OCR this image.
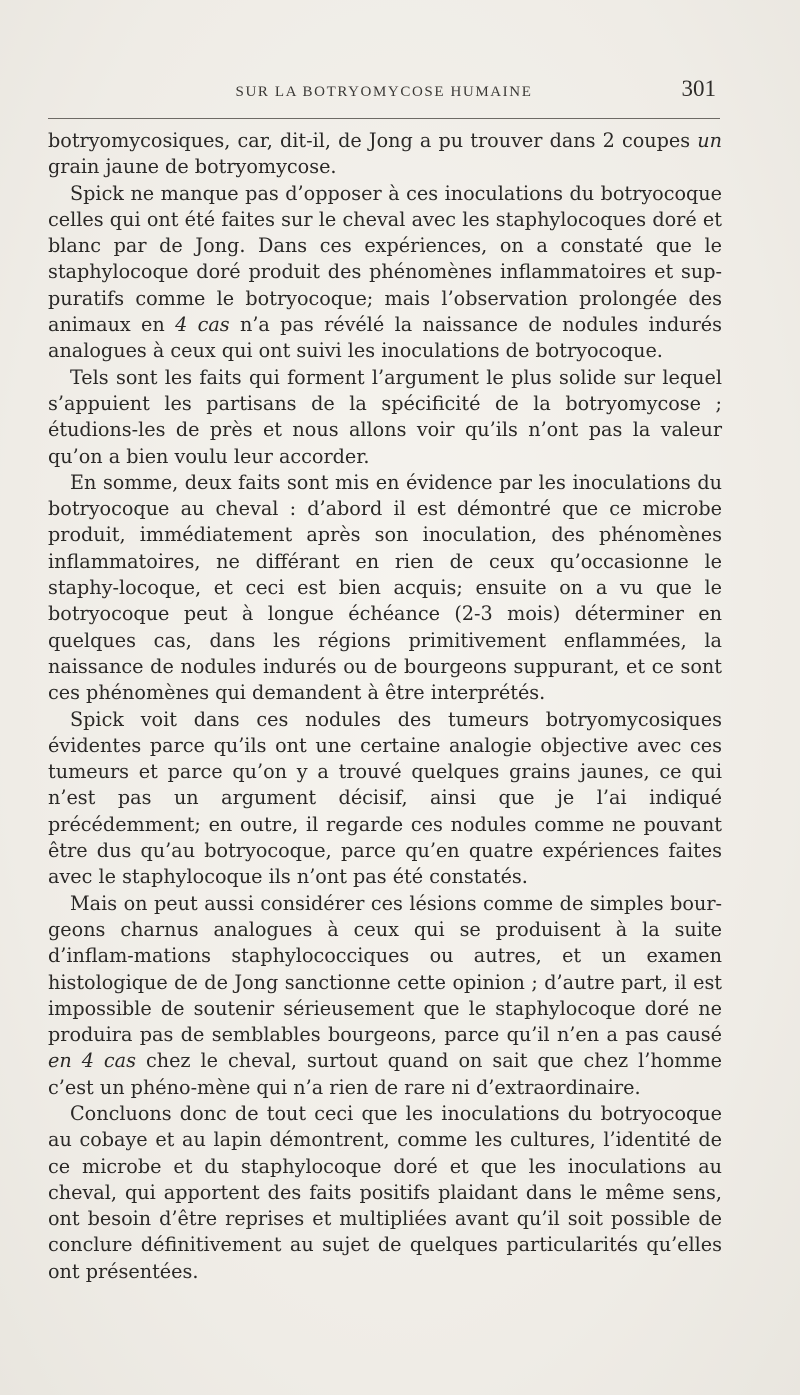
SUR LA BOTRYOMYCOSE HUMAINE	301

botryomycosiques, car, dit-il, de Jong a pu trouver dans 2 coupes un grain jaune de botryomycose.

Spick ne manque pas d’opposer à ces inoculations du botryocoque celles qui ont été faites sur le cheval avec les staphylocoques doré et blanc par de Jong. Dans ces expériences, on a constaté que le staphylocoque doré produit des phénomènes inflammatoires et sup- puratifs comme le botryocoque; mais l’observation prolongée des animaux en 4 cas n’a pas révélé la naissance de nodules indurés analogues à ceux qui ont suivi les inoculations de botryocoque.

Tels sont les faits qui forment l’argument le plus solide sur lequel s’appuient les partisans de la spécificité de la botryomycose ; étudions-les de près et nous allons voir qu’ils n’ont pas la valeur qu’on a bien voulu leur accorder.

En somme, deux faits sont mis en évidence par les inoculations du botryocoque au cheval : d’abord il est démontré que ce microbe produit, immédiatement après son inoculation, des phénomènes inflammatoires, ne différant en rien de ceux qu’occasionne le staphy-locoque, et ceci est bien acquis; ensuite on a vu que le botryocoque peut à longue échéance (2-3 mois) déterminer en quelques cas, dans les régions primitivement enflammées, la naissance de nodules indurés ou de bourgeons suppurant, et ce sont ces phénomènes qui demandent à être interprétés.

Spick voit dans ces nodules des tumeurs botryomycosiques évidentes parce qu’ils ont une certaine analogie objective avec ces tumeurs et parce qu’on y a trouvé quelques grains jaunes, ce qui n’est pas un argument décisif, ainsi que je l’ai indiqué précédemment; en outre, il regarde ces nodules comme ne pouvant être dus qu’au botryocoque, parce qu’en quatre expériences faites avec le staphylocoque ils n’ont pas été constatés.

Mais on peut aussi considérer ces lésions comme de simples bour-geons charnus analogues à ceux qui se produisent à la suite d’inflam-mations staphylococciques ou autres, et un examen histologique de de Jong sanctionne cette opinion ; d’autre part, il est impossible de soutenir sérieusement que le staphylocoque doré ne produira pas de semblables bourgeons, parce qu’il n’en a pas causé en 4 cas chez le cheval, surtout quand on sait que chez l’homme c’est un phéno-mène qui n’a rien de rare ni d’extraordinaire.

Concluons donc de tout ceci que les inoculations du botryocoque au cobaye et au lapin démontrent, comme les cultures, l’identité de ce microbe et du staphylocoque doré et que les inoculations au cheval, qui apportent des faits positifs plaidant dans le même sens, ont besoin d’être reprises et multipliées avant qu’il soit possible de conclure définitivement au sujet de quelques particularités qu’elles ont présentées.
